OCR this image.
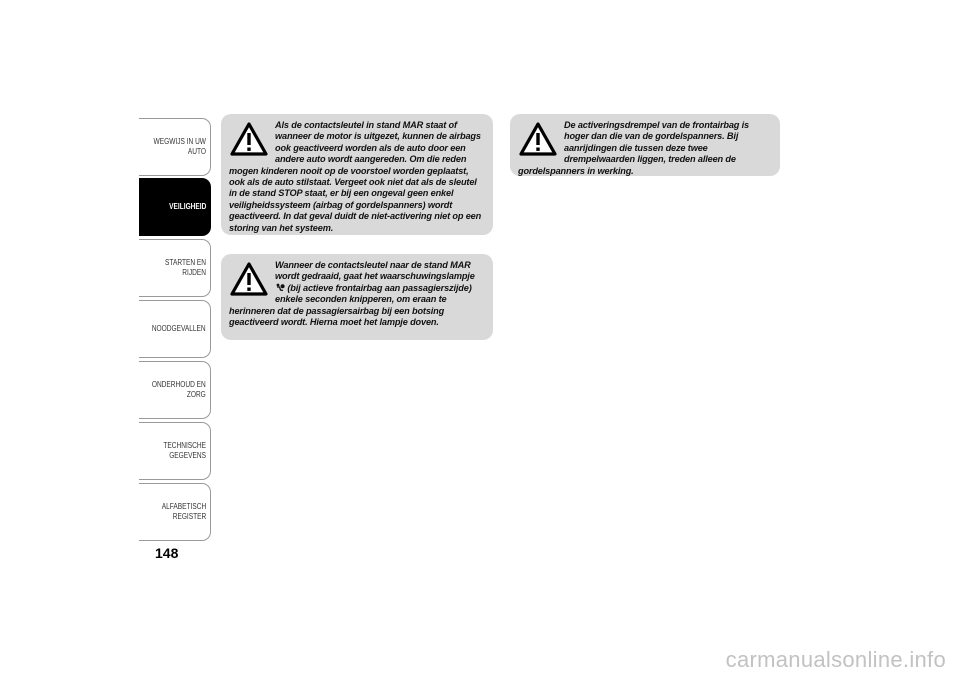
WEGWIJS IN UW
AUTO
VEILIGHEID
STARTEN EN RIJDEN
NOODGEVALLEN
ONDERHOUD EN
ZORG
TECHNISCHE
GEGEVENS
ALFABETISCH
REGISTER
148
Als de contactsleutel in stand MAR staat of wanneer de motor is uitgezet, kunnen de airbags ook geactiveerd worden als de auto door een andere auto wordt aangereden. Om die reden mogen kinderen nooit op de voorstoel worden geplaatst, ook als de auto stilstaat. Vergeet ook niet dat als de sleutel in de stand STOP staat, er bij een ongeval geen enkel veiligheidssysteem (airbag of gordelspanners) wordt geactiveerd. In dat geval duidt de niet-activering niet op een storing van het systeem.
Wanneer de contactsleutel naar de stand MAR wordt gedraaid, gaat het waarschuwingslampje  (bij actieve frontairbag aan passagierszijde) enkele seconden knipperen, om eraan te herinneren dat de passagiersairbag bij een botsing geactiveerd wordt. Hierna moet het lampje doven.
De activeringsdrempel van de frontairbag is hoger dan die van de gordelspanners. Bij aanrijdingen die tussen deze twee drempelwaarden liggen, treden alleen de gordelspanners in werking.
carmanualsonline.info
